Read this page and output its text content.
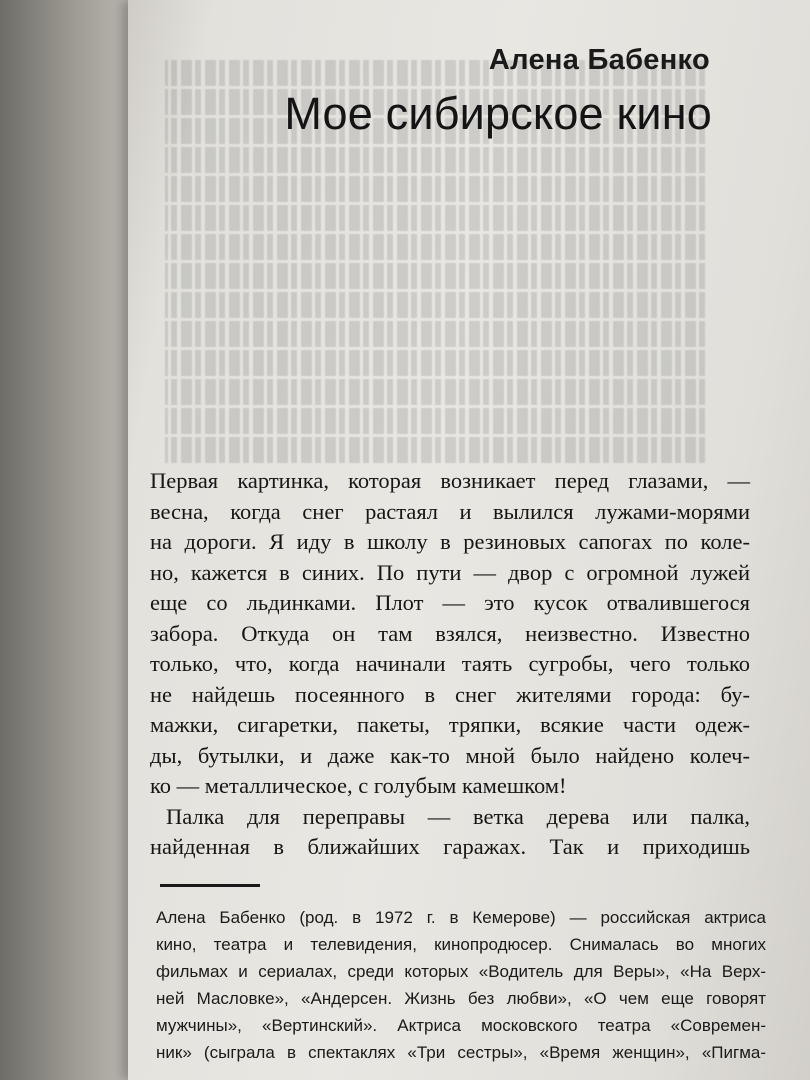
Алена Бабенко
Мое сибирское кино
Первая картинка, которая возникает перед глазами, —
весна, когда снег растаял и вылился лужами-морями
на дороги. Я иду в школу в резиновых сапогах по коле-
но, кажется в синих. По пути — двор с огромной лужей
еще со льдинками. Плот — это кусок отвалившегося
забора. Откуда он там взялся, неизвестно. Известно
только, что, когда начинали таять сугробы, чего только
не найдешь посеянного в снег жителями города: бу-
мажки, сигаретки, пакеты, тряпки, всякие части одеж-
ды, бутылки, и даже как-то мной было найдено колеч-
ко — металлическое, с голубым камешком!
Палка для переправы — ветка дерева или палка,
найденная в ближайших гаражах. Так и приходишь
Алена Бабенко (род. в 1972 г. в Кемерове) — российская актриса
кино, театра и телевидения, кинопродюсер. Снималась во многих
фильмах и сериалах, среди которых «Водитель для Веры», «На Верх-
ней Масловке», «Андерсен. Жизнь без любви», «О чем еще говорят
мужчины», «Вертинский». Актриса московского театра «Современ-
ник» (сыграла в спектаклях «Три сестры», «Время женщин», «Пигма-
